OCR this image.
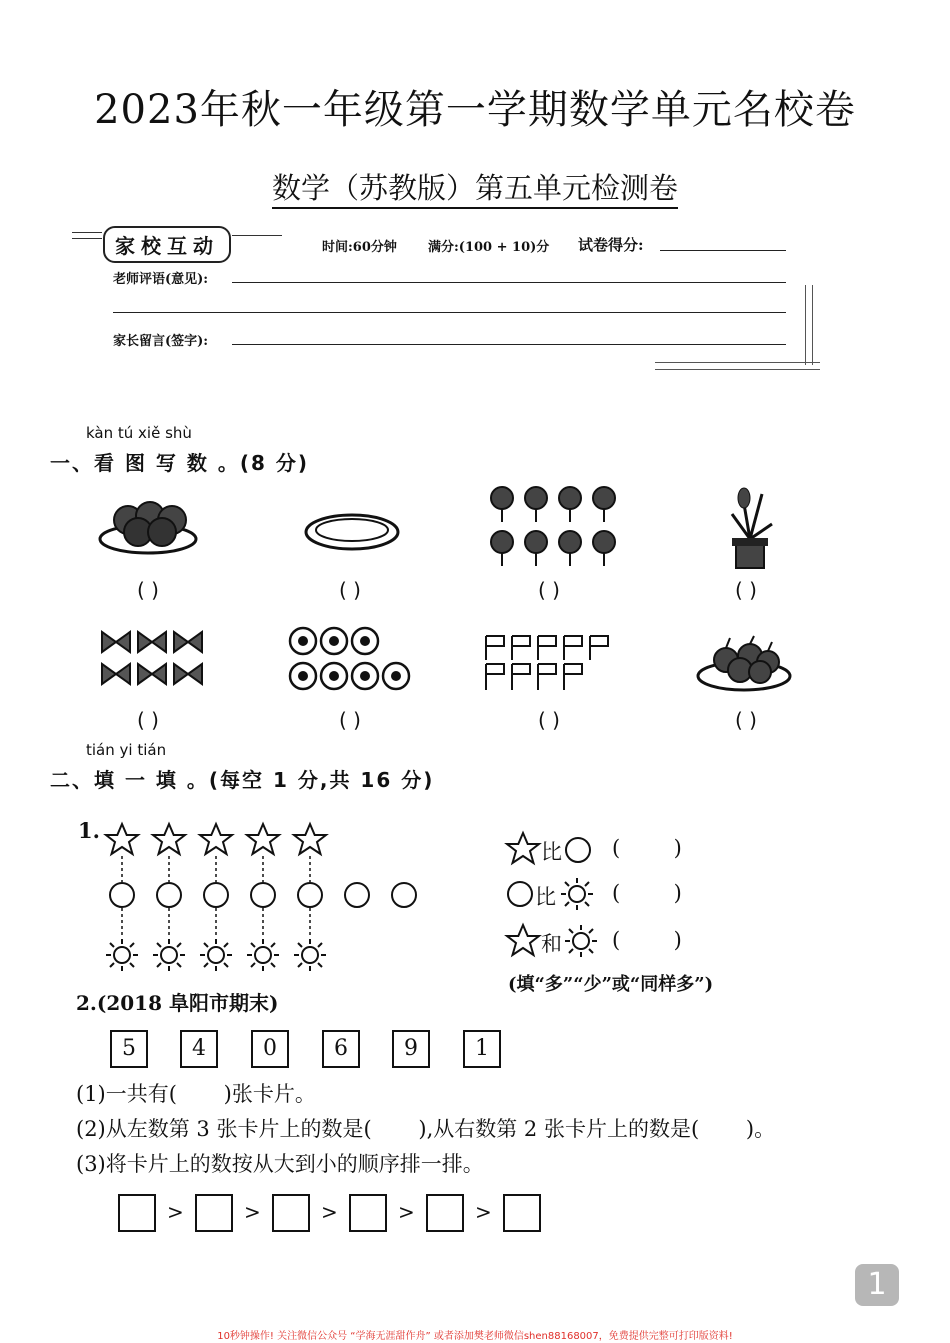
2023年秋一年级第一学期数学单元名校卷
数学（苏教版）第五单元检测卷
家校互动	时间:60分钟 满分:(100 + 10)分 试卷得分:
老师评语(意见):
家长留言(签字):
kàn tú xiě shù
一、看 图 写 数 。(8 分)
( )	( )	( )	( )
( )	( )	( )	( )
tián yi tián
二、填 一 填 。(每空 1 分,共 16 分)
1.
比 (        )
比	(        )
和 (        )
(填“多”“少”或“同样多”)
2.(2018 阜阳市期末)
5	4	0	6	9	1
(1)一共有(       )张卡片。
(2)从左数第 3 张卡片上的数是(       ),从右数第 2 张卡片上的数是(       )。
(3)将卡片上的数按从大到小的顺序排一排。
>	>	>	>	>
1
10秒钟操作! 关注微信公众号 “学海无涯甜作舟” 或者添加樊老师微信shen88168007，免费提供完整可打印版资料!
